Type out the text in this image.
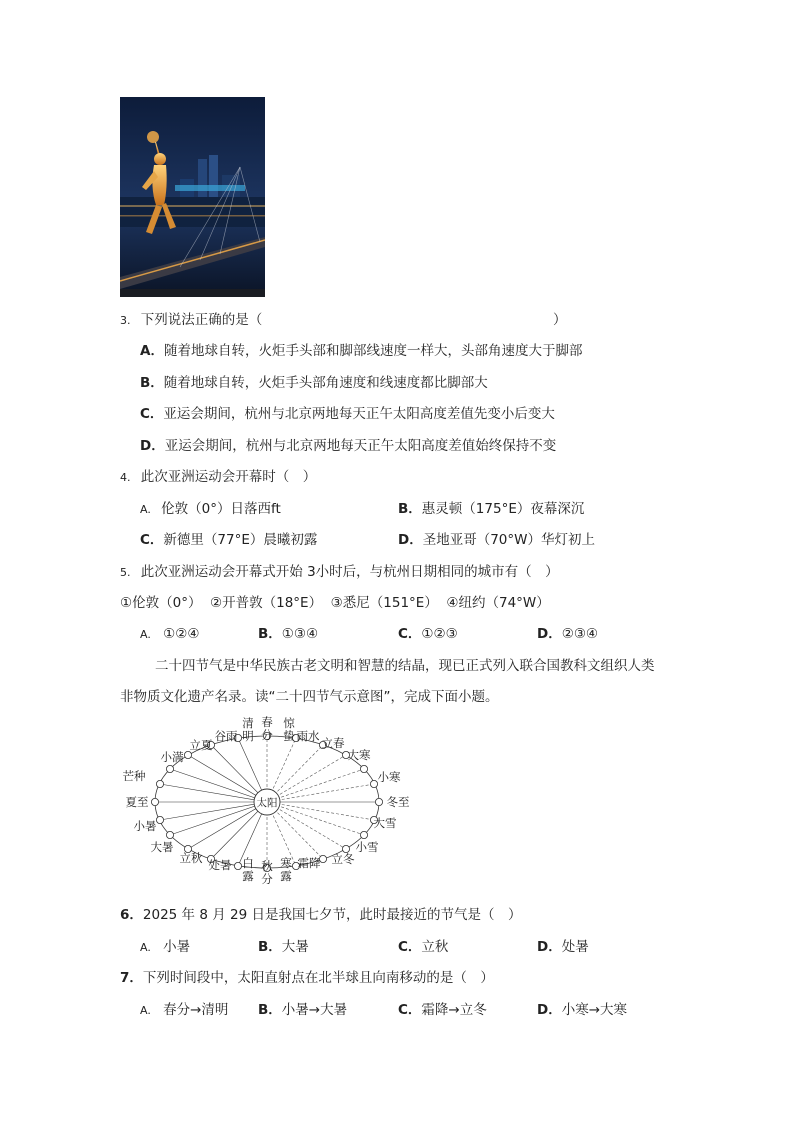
3. 下列说法正确的是（	）
A．随着地球自转，火炬手头部和脚部线速度一样大，头部角速度大于脚部
B．随着地球自转，火炬手头部角速度和线速度都比脚部大
C．亚运会期间，杭州与北京两地每天正午太阳高度差值先变小后变大
D．亚运会期间，杭州与北京两地每天正午太阳高度差值始终保持不变
4. 此次亚洲运动会开幕时（　）
A. 伦敦（0°）日落西ft	B．惠灵顿（175°E）夜幕深沉
C．新德里（77°E）晨曦初露	D．圣地亚哥（70°W）华灯初上
5. 此次亚洲运动会开幕式开始 3小时后，与杭州日期相同的城市有（　）
①伦敦（0°）  ②开普敦（18°E）  ③悉尼（151°E）  ④纽约（74°W）
A. ①②④	B．①③④	C．①②③	D．②③④
二十四节气是中华民族古老文明和智慧的结晶，现已正式列入联合国教科文组织人类
非物质文化遗产名录。读“二十四节气示意图”，完成下面小题。
太阳
春分
清明
惊蛰
白露
秋分
寒露
谷雨
立夏
小满
芒种
夏至
小暑
大暑
立秋 处暑	霜降 立冬
小雪
大雪
冬至
小寒
大寒
立春
雨水
6．2025 年 8 月 29 日是我国七夕节，此时最接近的节气是（　）
A. 小暑	B．大暑	C．立秋	D．处暑
7．下列时间段中，太阳直射点在北半球且向南移动的是（　）
A. 春分→清明 B．小暑→大暑	C．霜降→立冬	D．小寒→大寒
